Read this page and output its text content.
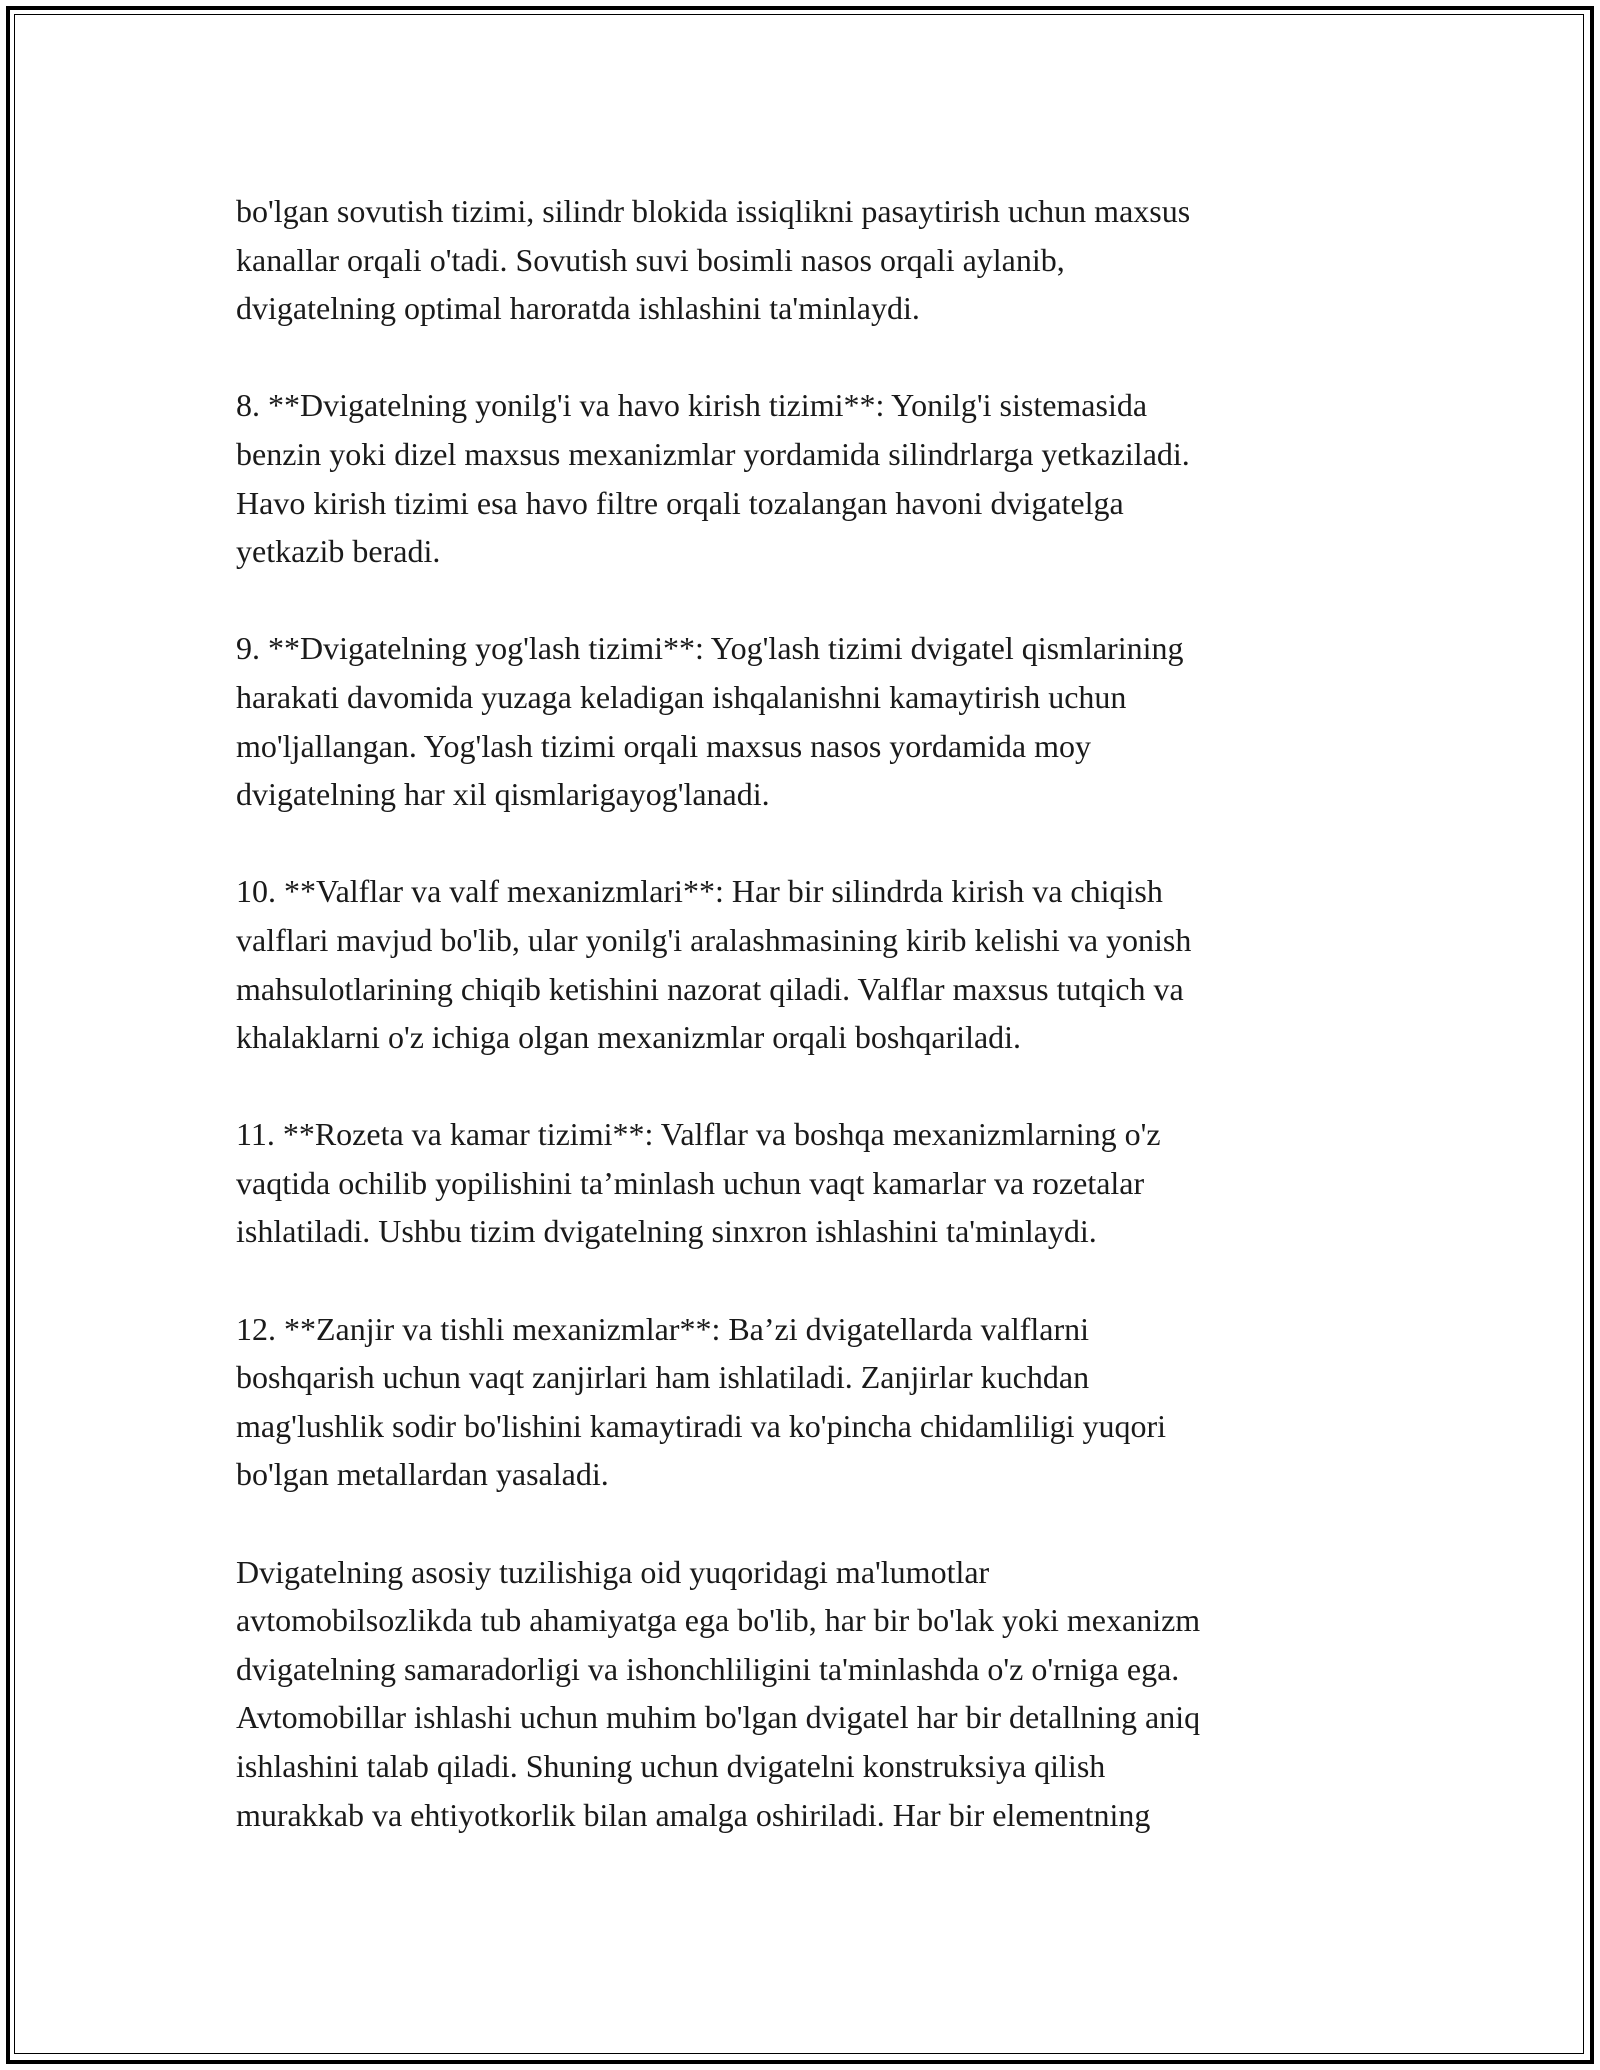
bo'lgan sovutish tizimi, silindr blokida issiqlikni pasaytirish uchun maxsus
kanallar orqali o'tadi. Sovutish suvi bosimli nasos orqali aylanib,
dvigatelning optimal haroratda ishlashini ta'minlaydi.

8. **Dvigatelning yonilg'i va havo kirish tizimi**: Yonilg'i sistemasida
benzin yoki dizel maxsus mexanizmlar yordamida silindrlarga yetkaziladi.
Havo kirish tizimi esa havo filtre orqali tozalangan havoni dvigatelga
yetkazib beradi.

9. **Dvigatelning yog'lash tizimi**: Yog'lash tizimi dvigatel qismlarining
harakati davomida yuzaga keladigan ishqalanishni kamaytirish uchun
mo'ljallangan. Yog'lash tizimi orqali maxsus nasos yordamida moy
dvigatelning har xil qismlarigayog'lanadi.

10. **Valflar va valf mexanizmlari**: Har bir silindrda kirish va chiqish
valflari mavjud bo'lib, ular yonilg'i aralashmasining kirib kelishi va yonish
mahsulotlarining chiqib ketishini nazorat qiladi. Valflar maxsus tutqich va
khalaklarni o'z ichiga olgan mexanizmlar orqali boshqariladi.

11. **Rozeta va kamar tizimi**: Valflar va boshqa mexanizmlarning o'z
vaqtida ochilib yopilishini ta’minlash uchun vaqt kamarlar va rozetalar
ishlatiladi. Ushbu tizim dvigatelning sinxron ishlashini ta'minlaydi.

12. **Zanjir va tishli mexanizmlar**: Ba’zi dvigatellarda valflarni
boshqarish uchun vaqt zanjirlari ham ishlatiladi. Zanjirlar kuchdan
mag'lushlik sodir bo'lishini kamaytiradi va ko'pincha chidamliligi yuqori
bo'lgan metallardan yasaladi.

Dvigatelning asosiy tuzilishiga oid yuqoridagi ma'lumotlar
avtomobilsozlikda tub ahamiyatga ega bo'lib, har bir bo'lak yoki mexanizm
dvigatelning samaradorligi va ishonchliligini ta'minlashda o'z o'rniga ega.
Avtomobillar ishlashi uchun muhim bo'lgan dvigatel har bir detallning aniq
ishlashini talab qiladi. Shuning uchun dvigatelni konstruksiya qilish
murakkab va ehtiyotkorlik bilan amalga oshiriladi. Har bir elementning
